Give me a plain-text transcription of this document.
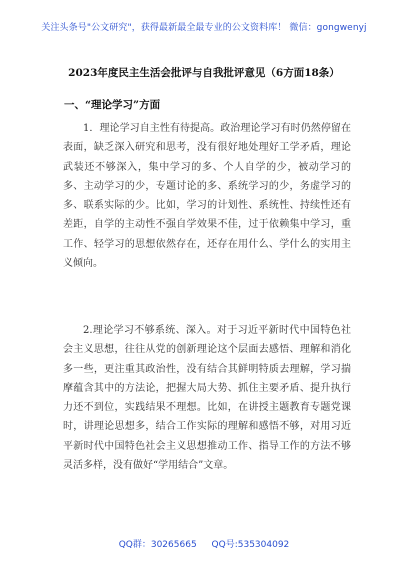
关注头条号"公文研究"，获得最新最全最专业的公文资料库！ 微信：gongwenyj
2023年度民主生活会批评与自我批评意见（6方面18条）
一、“理论学习”方面

1．理论学习自主性有待提高。政治理论学习有时仍然停留在表面，缺乏深入研究和思考，没有很好地处理好工学矛盾，理论武装还不够深入，集中学习的多、个人自学的少，被动学习的多、主动学习的少，专题讨论的多、系统学习的少，务虚学习的多、联系实际的少。比如，学习的计划性、系统性、持续性还有差距，自学的主动性不强自学效果不佳，过于依赖集中学习，重工作、轻学习的思想依然存在，还存在用什么、学什么的实用主义倾向。

2.理论学习不够系统、深入。对于习近平新时代中国特色社会主义思想，往往从党的创新理论这个层面去感悟、理解和消化多一些，更注重其政治性，没有结合其鲜明特质去理解，学习揣摩蕴含其中的方法论，把握大局大势、抓住主要矛盾、提升执行力还不到位，实践结果不理想。比如，在讲授主题教育专题党课时，讲理论思想多，结合工作实际的理解和感悟不够，对用习近平新时代中国特色社会主义思想推动工作、指导工作的方法不够灵活多样，没有做好“学用结合”文章。

QQ群：30265665 QQ号:535304092
